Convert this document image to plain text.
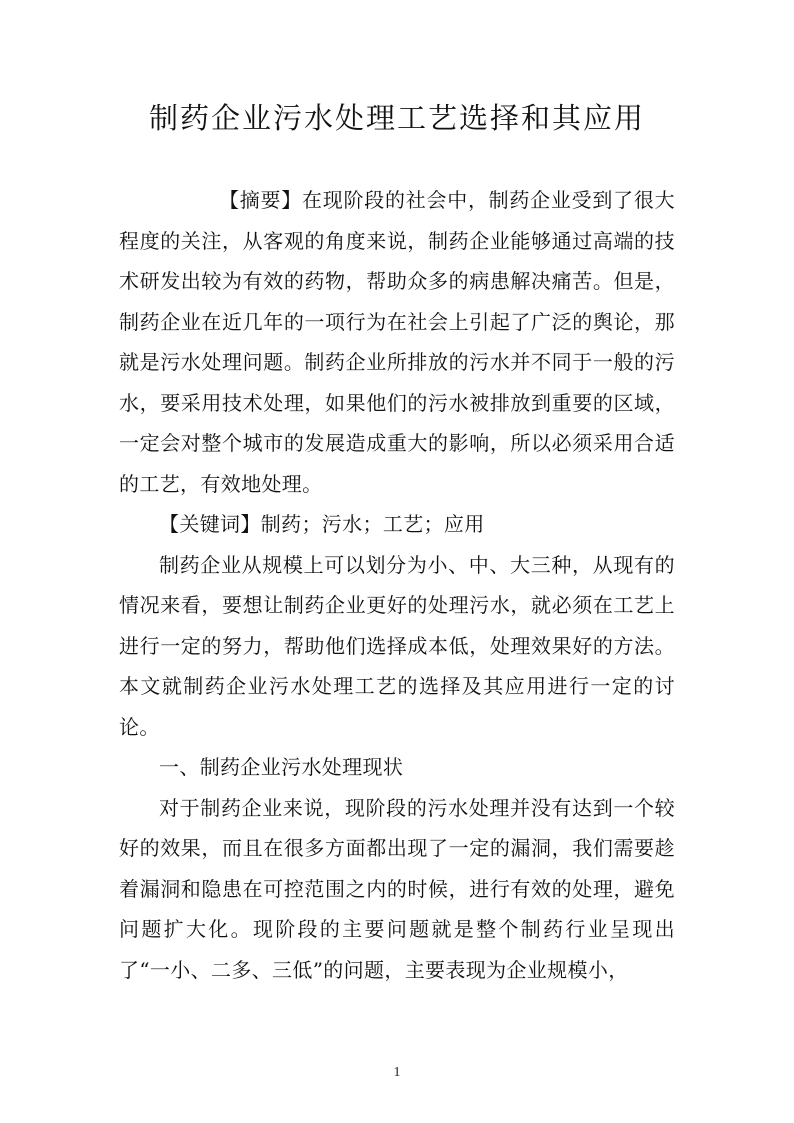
制药企业污水处理工艺选择和其应用

【摘要】在现阶段的社会中，制药企业受到了很大程度的关注，从客观的角度来说，制药企业能够通过高端的技术研发出较为有效的药物，帮助众多的病患解决痛苦。但是，制药企业在近几年的一项行为在社会上引起了广泛的舆论，那就是污水处理问题。制药企业所排放的污水并不同于一般的污水，要采用技术处理，如果他们的污水被排放到重要的区域，一定会对整个城市的发展造成重大的影响，所以必须采用合适的工艺，有效地处理。

【关键词】制药；污水；工艺；应用

制药企业从规模上可以划分为小、中、大三种，从现有的情况来看，要想让制药企业更好的处理污水，就必须在工艺上进行一定的努力，帮助他们选择成本低，处理效果好的方法。本文就制药企业污水处理工艺的选择及其应用进行一定的讨论。

一、制药企业污水处理现状

对于制药企业来说，现阶段的污水处理并没有达到一个较好的效果，而且在很多方面都出现了一定的漏洞，我们需要趁着漏洞和隐患在可控范围之内的时候，进行有效的处理，避免问题扩大化。现阶段的主要问题就是整个制药行业呈现出了“一小、二多、三低”的问题，主要表现为企业规模小，

1
